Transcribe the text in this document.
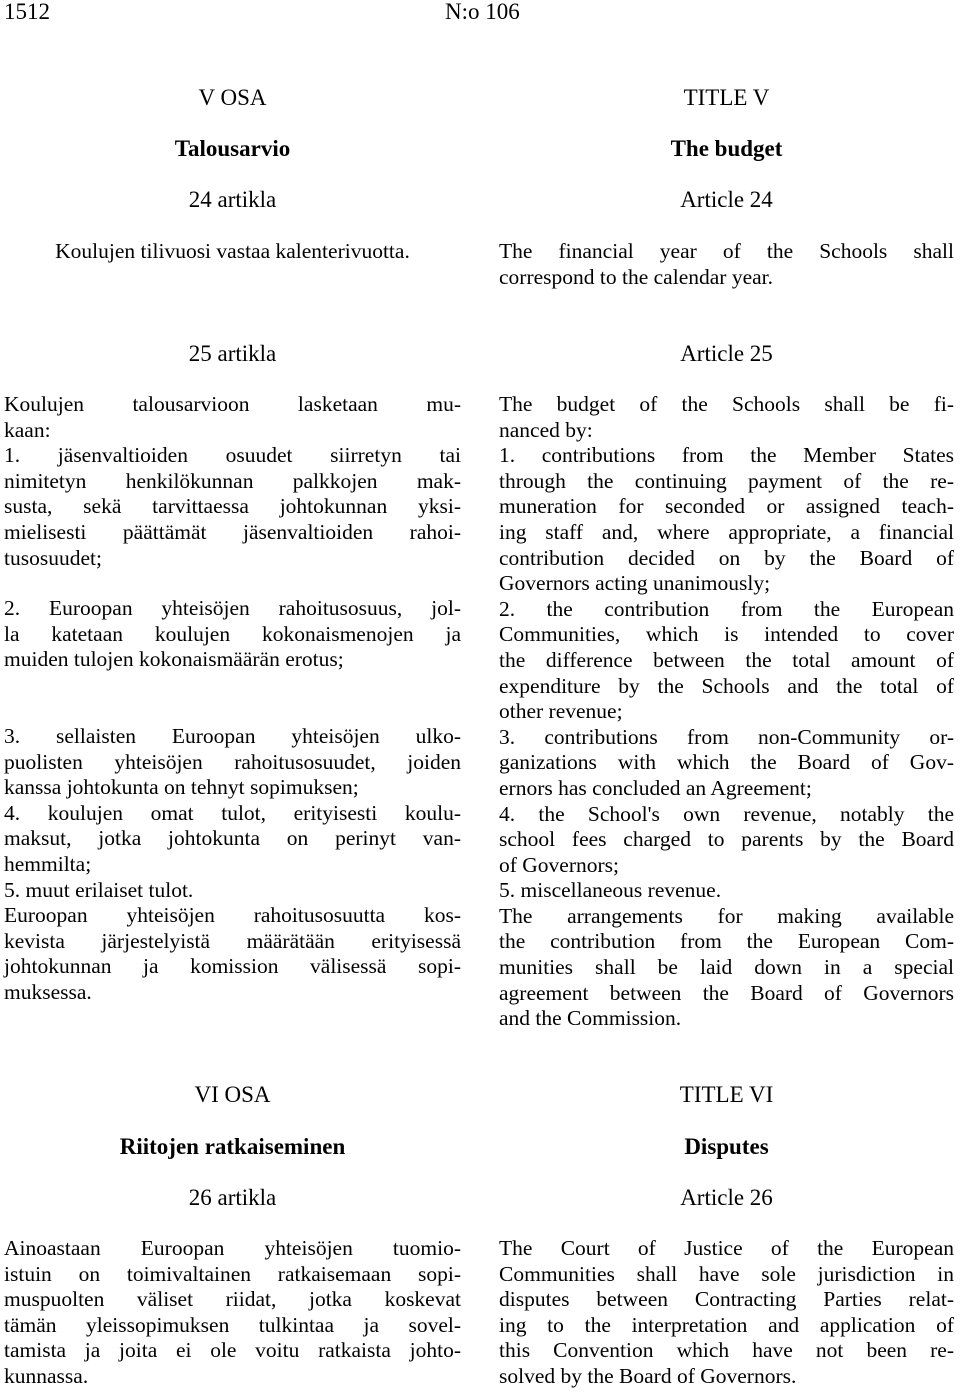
1512	N:o 106
V OSA
Talousarvio
24 artikla
Koulujen tilivuosi vastaa kalenterivuotta.
25 artikla
Koulujen talousarvioon lasketaan mu-
kaan:
1. jäsenvaltioiden osuudet siirretyn tai
nimitetyn henkilökunnan palkkojen mak-
susta, sekä tarvittaessa johtokunnan yksi-
mielisesti päättämät jäsenvaltioiden rahoi-
tusosuudet;
2. Euroopan yhteisöjen rahoitusosuus, jol-
la katetaan koulujen kokonaismenojen ja
muiden tulojen kokonaismäärän erotus;
3. sellaisten Euroopan yhteisöjen ulko-
puolisten yhteisöjen rahoitusosuudet, joiden
kanssa johtokunta on tehnyt sopimuksen;
4. koulujen omat tulot, erityisesti koulu-
maksut, jotka johtokunta on perinyt van-
hemmilta;
5. muut erilaiset tulot.
Euroopan yhteisöjen rahoitusosuutta kos-
kevista järjestelyistä määrätään erityisessä
johtokunnan ja komission välisessä sopi-
muksessa.
VI OSA
Riitojen ratkaiseminen
26 artikla
Ainoastaan Euroopan yhteisöjen tuomio-
istuin on toimivaltainen ratkaisemaan sopi-
muspuolten väliset riidat, jotka koskevat
tämän yleissopimuksen tulkintaa ja sovel-
tamista ja joita ei ole voitu ratkaista johto-
kunnassa.
TITLE V
The budget
Article 24
The financial year of the Schools shall
correspond to the calendar year.
Article 25
The budget of the Schools shall be fi-
nanced by:
1. contributions from the Member States
through the continuing payment of the re-
muneration for seconded or assigned teach-
ing staff and, where appropriate, a financial
contribution decided on by the Board of
Governors acting unanimously;
2. the contribution from the European
Communities, which is intended to cover
the difference between the total amount of
expenditure by the Schools and the total of
other revenue;
3. contributions from non-Community or-
ganizations with which the Board of Gov-
ernors has concluded an Agreement;
4. the School's own revenue, notably the
school fees charged to parents by the Board
of Governors;
5. miscellaneous revenue.
The arrangements for making available
the contribution from the European Com-
munities shall be laid down in a special
agreement between the Board of Governors
and the Commission.
TITLE VI
Disputes
Article 26
The Court of Justice of the European
Communities shall have sole jurisdiction in
disputes between Contracting Parties relat-
ing to the interpretation and application of
this Convention which have not been re-
solved by the Board of Governors.
